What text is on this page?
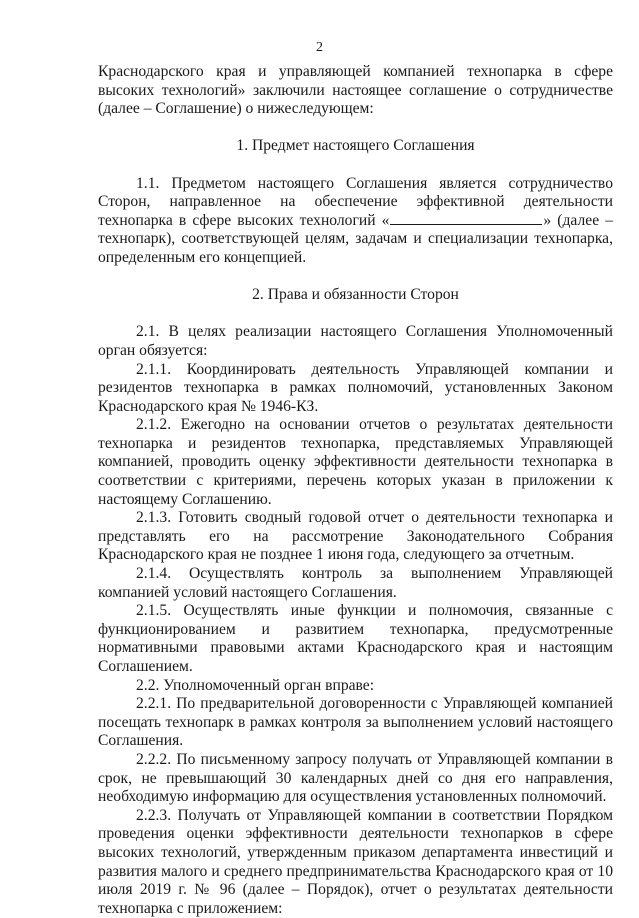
2

Краснодарского края и управляющей компанией технопарка в сфере высоких технологий» заключили настоящее соглашение о сотрудничестве (далее – Соглашение) о нижеследующем:

1. Предмет настоящего Соглашения

1.1. Предметом настоящего Соглашения является сотрудничество Сторон, направленное на обеспечение эффективной деятельности технопарка в сфере высоких технологий «	» (далее – технопарк), соответствующей целям, задачам и специализации технопарка, определенным его концепцией.

2. Права и обязанности Сторон

2.1. В целях реализации настоящего Соглашения Уполномоченный орган обязуется:

2.1.1. Координировать деятельность Управляющей компании и резидентов технопарка в рамках полномочий, установленных Законом Краснодарского края № 1946-КЗ.

2.1.2. Ежегодно на основании отчетов о результатах деятельности технопарка и резидентов технопарка, представляемых Управляющей компанией, проводить оценку эффективности деятельности технопарка в соответствии с критериями, перечень которых указан в приложении к настоящему Соглашению.

2.1.3. Готовить сводный годовой отчет о деятельности технопарка и представлять его на рассмотрение Законодательного Собрания Краснодарского края не позднее 1 июня года, следующего за отчетным.

2.1.4. Осуществлять контроль за выполнением Управляющей компанией условий настоящего Соглашения.

2.1.5. Осуществлять иные функции и полномочия, связанные с функционированием и развитием технопарка, предусмотренные нормативными правовыми актами Краснодарского края и настоящим Соглашением.

2.2. Уполномоченный орган вправе:

2.2.1. По предварительной договоренности с Управляющей компанией посещать технопарк в рамках контроля за выполнением условий настоящего Соглашения.

2.2.2. По письменному запросу получать от Управляющей компании в срок, не превышающий 30 календарных дней со дня его направления, необходимую информацию для осуществления установленных полномочий.

2.2.3. Получать от Управляющей компании в соответствии Порядком проведения оценки эффективности деятельности технопарков в сфере высоких технологий, утвержденным приказом департамента инвестиций и развития малого и среднего предпринимательства Краснодарского края от 10 июля 2019 г. № 96 (далее – Порядок), отчет о результатах деятельности технопарка с приложением:
